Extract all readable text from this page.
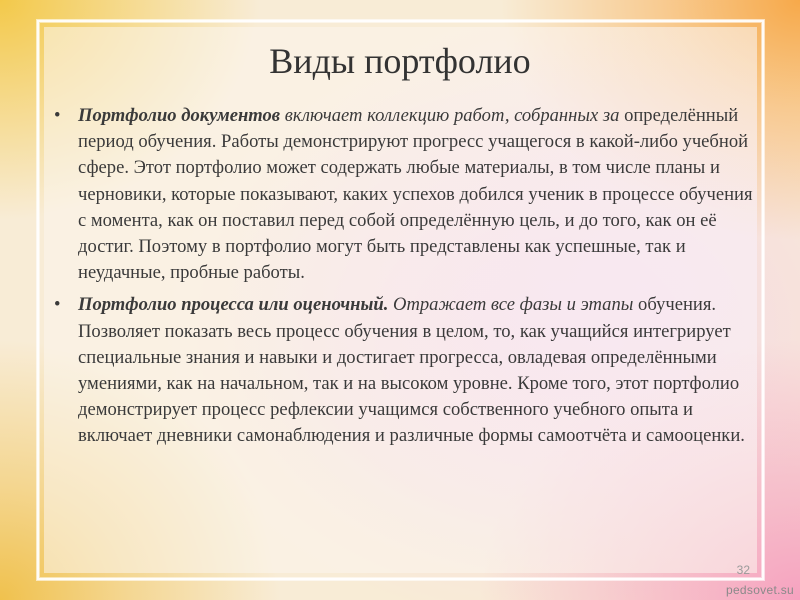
Виды портфолио
• Портфолио документов включает коллекцию работ, собранных за определённый период обучения. Работы демонстрируют прогресс учащегося в какой-либо учебной сфере. Этот портфолио может содержать любые материалы, в том числе планы и черновики, которые показывают, каких успехов добился ученик в процессе обучения с момента, как он поставил перед собой определённую цель, и до того, как он её достиг. Поэтому в портфолио могут быть представлены как успешные, так и неудачные, пробные работы.
• Портфолио процесса или оценочный. Отражает все фазы и этапы обучения. Позволяет показать весь процесс обучения в целом, то, как учащийся интегрирует специальные знания и навыки и достигает прогресса, овладевая определёнными умениями, как на начальном, так и на высоком уровне. Кроме того, этот портфолио демонстрирует процесс рефлексии учащимся собственного учебного опыта и включает дневники самонаблюдения и различные формы самоотчёта и самооценки.
32
pedsovet.su
